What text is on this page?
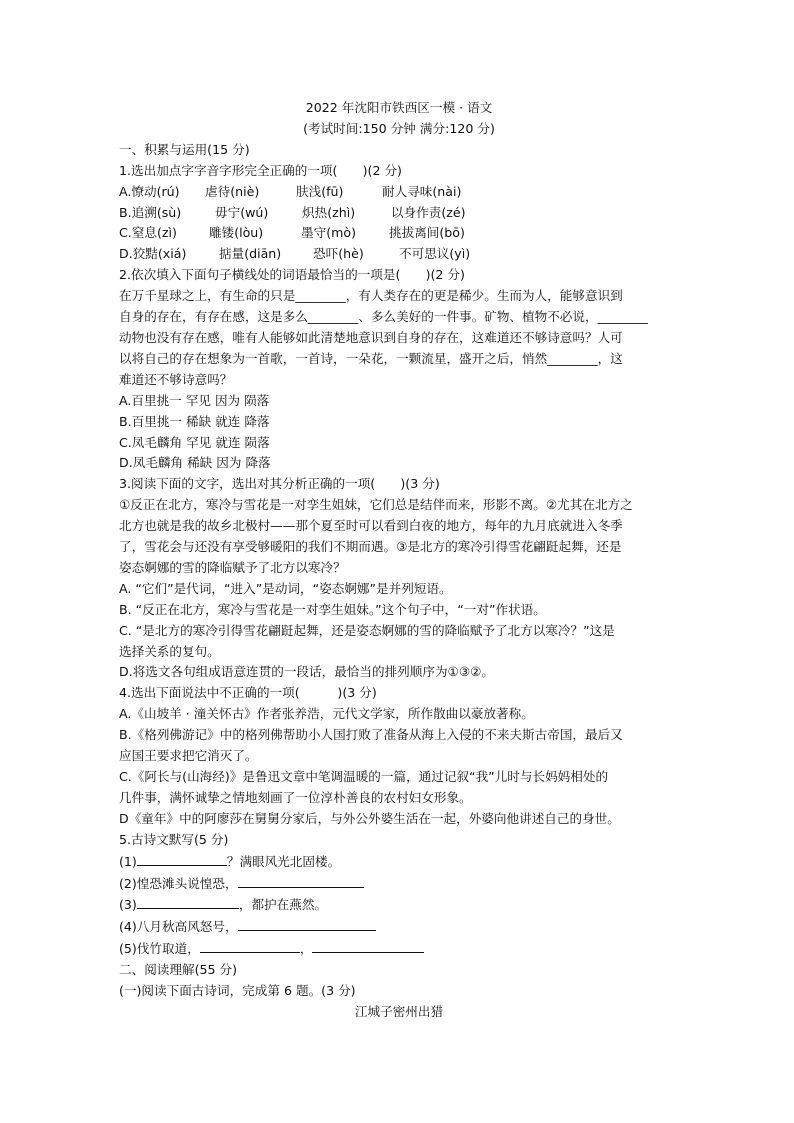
2022 年沈阳市铁西区一模 · 语文
(考试时间:150 分钟 满分:120 分)
一、积累与运用(15 分)
1.选出加点字字音字形完全正确的一项(　　)(2 分)
A.憭动(rú)	虐待(niè)	肤浅(fū)	耐人寻味(nài)
B.追溯(sù)	毋宁(wú)	炽热(zhì)	以身作责(zé)
C.窒息(zì)	雕镂(lòu)	墨守(mò)	挑拔离间(bō)
D.狡黠(xiá)	掂量(diān)	恐吓(hè)	不可思议(yì)
2.依次填入下面句子横线处的词语最恰当的一项是(　　)(2 分)
在万千星球之上，有生命的只是________，有人类存在的更是稀少。生而为人，能够意识到
自身的存在，有存在感，这是多么________、多么美好的一件事。矿物、植物不必说，________
动物也没有存在感，唯有人能够如此清楚地意识到自身的存在，这难道还不够诗意吗？人可
以将自己的存在想象为一首歌，一首诗，一朵花，一颗流星，盛开之后，悄然________，这
难道还不够诗意吗？
A.百里挑一 罕见 因为 陨落
B.百里挑一 稀缺 就连 降落
C.凤毛麟角 罕见 就连 陨落
D.凤毛麟角 稀缺 因为 降落
3.阅读下面的文字，选出对其分析正确的一项(　　)(3 分)
①反正在北方，寒冷与雪花是一对孪生姐妹，它们总是结伴而来，形影不离。②尤其在北方之
北方也就是我的故乡北极村——那个夏至时可以看到白夜的地方，每年的九月底就进入冬季
了，雪花会与还没有享受够暖阳的我们不期而遇。③是北方的寒冷引得雪花翩跹起舞，还是
姿态婀娜的雪的降临赋予了北方以寒冷？
A. “它们”是代词，“进入”是动词，“姿态婀娜”是并列短语。
B. “反正在北方，寒冷与雪花是一对孪生姐妹。”这个句子中，“一对”作状语。
C. “是北方的寒冷引得雪花翩跹起舞，还是姿态婀娜的雪的降临赋予了北方以寒冷？”这是
选择关系的复句。
D.将选文各句组成语意连贯的一段话，最恰当的排列顺序为①③②。
4.选出下面说法中不正确的一项(　　　)(3 分)
A.《山坡羊 · 潼关怀古》作者张养浩，元代文学家，所作散曲以豪放著称。
B.《格列佛游记》中的格列佛帮助小人国打败了准备从海上入侵的不来夫斯古帝国，最后又
应国王要求把它消灭了。
C.《阿长与(山海经)》是鲁迅文章中笔调温暖的一篇，通过记叙“我”儿时与长妈妈相处的
几件事，满怀诚挚之情地刻画了一位淳朴善良的农村妇女形象。
D《童年》中的阿廖莎在舅舅分家后，与外公外婆生活在一起，外婆向他讲述自己的身世。
5.古诗文默写(5 分)
(1)	？满眼风光北固楼。
(2)惶恐滩头说惶恐，
(3)	，都护在燕然。
(4)八月秋高风怒号，
(5)伐竹取道，	，
二、阅读理解(55 分)
(一)阅读下面古诗词，完成第 6 题。(3 分)
江城子密州出猎
